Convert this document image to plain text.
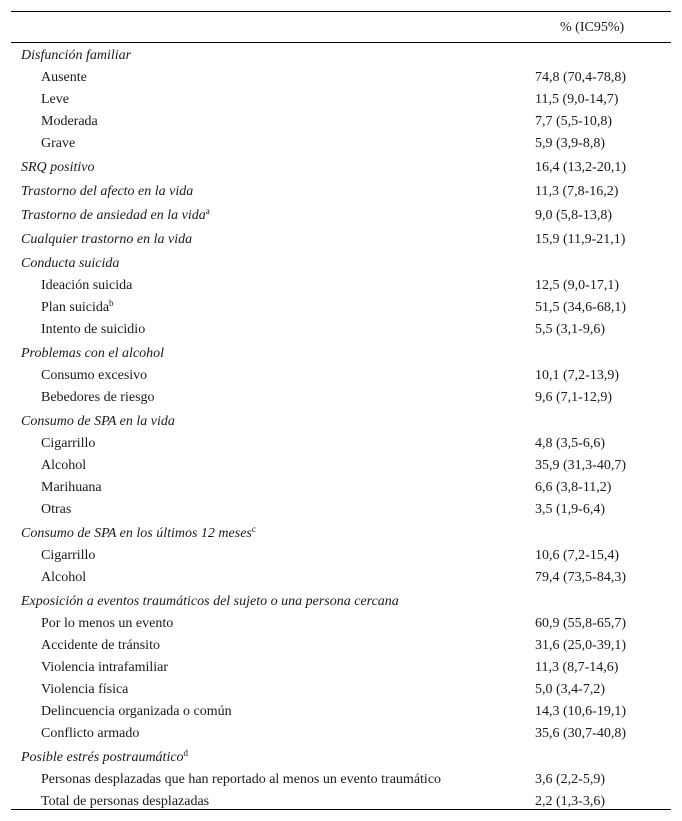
% (IC95%)
Disfunción familiar
Ausente	74,8 (70,4-78,8)
Leve	11,5 (9,0-14,7)
Moderada	7,7 (5,5-10,8)
Grave	5,9 (3,9-8,8)
SRQ positivo	16,4 (13,2-20,1)
Trastorno del afecto en la vida	11,3 (7,8-16,2)
Trastorno de ansiedad en la vida$^a$	9,0 (5,8-13,8)
Cualquier trastorno en la vida	15,9 (11,9-21,1)
Conducta suicida
Ideación suicida	12,5 (9,0-17,1)
Plan suicida$^b$	51,5 (34,6-68,1)
Intento de suicidio	5,5 (3,1-9,6)
Problemas con el alcohol
Consumo excesivo	10,1 (7,2-13,9)
Bebedores de riesgo	9,6 (7,1-12,9)
Consumo de SPA en la vida
Cigarrillo	4,8 (3,5-6,6)
Alcohol	35,9 (31,3-40,7)
Marihuana	6,6 (3,8-11,2)
Otras	3,5 (1,9-6,4)
Consumo de SPA en los últimos 12 meses$^c$
Cigarrillo	10,6 (7,2-15,4)
Alcohol	79,4 (73,5-84,3)
Exposición a eventos traumáticos del sujeto o una persona cercana
Por lo menos un evento	60,9 (55,8-65,7)
Accidente de tránsito	31,6 (25,0-39,1)
Violencia intrafamiliar	11,3 (8,7-14,6)
Violencia física	5,0 (3,4-7,2)
Delincuencia organizada o común	14,3 (10,6-19,1)
Conflicto armado	35,6 (30,7-40,8)
Posible estrés postraumático$^d$
Personas desplazadas que han reportado al menos un evento traumático	3,6 (2,2-5,9)
Total de personas desplazadas	2,2 (1,3-3,6)
